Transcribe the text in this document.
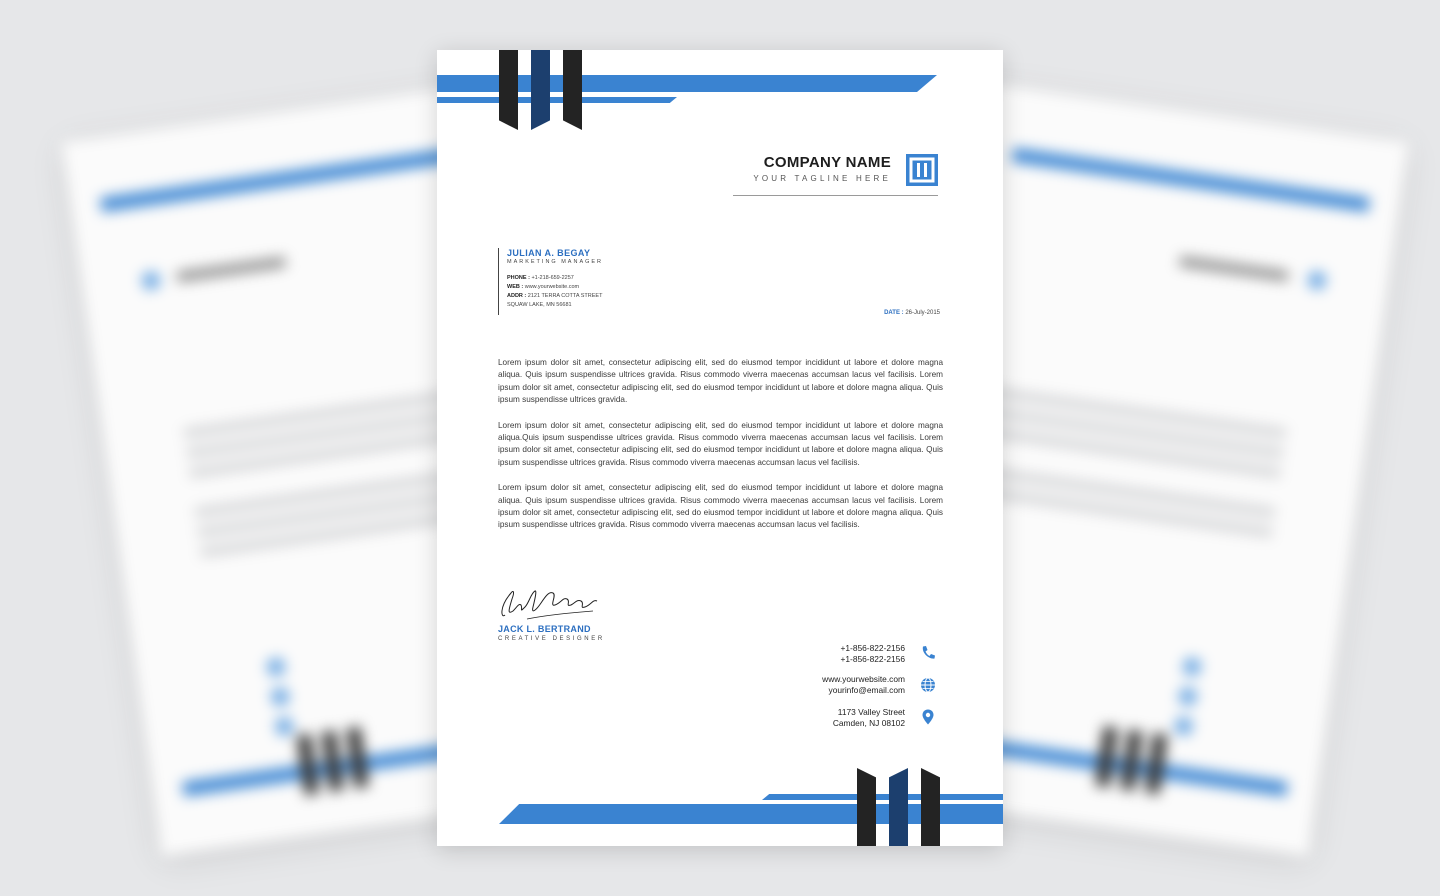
COMPANY NAME
YOUR TAGLINE HERE
JULIAN A. BEGAY
MARKETING MANAGER
PHONE : +1-218-659-2257
WEB : www.yourwebsite.com
ADDR : 2121 TERRA COTTA STREET
SQUAW LAKE, MN 56681
DATE : 26-July-2015

Lorem ipsum dolor sit amet, consectetur adipiscing elit, sed do eiusmod tempor incididunt ut labore et dolore magna aliqua. Quis ipsum suspendisse ultrices gravida. Risus commodo viverra maecenas accumsan lacus vel facilisis. Lorem ipsum dolor sit amet, consectetur adipiscing elit, sed do eiusmod tempor incididunt ut labore et dolore magna aliqua. Quis ipsum suspendisse ultrices gravida.

Lorem ipsum dolor sit amet, consectetur adipiscing elit, sed do eiusmod tempor incididunt ut labore et dolore magna aliqua.Quis ipsum suspendisse ultrices gravida. Risus commodo viverra maecenas accumsan lacus vel facilisis. Lorem ipsum dolor sit amet, consectetur adipiscing elit, sed do eiusmod tempor incididunt ut labore et dolore magna aliqua. Quis ipsum suspendisse ultrices gravida. Risus commodo viverra maecenas accumsan lacus vel facilisis.

Lorem ipsum dolor sit amet, consectetur adipiscing elit, sed do eiusmod tempor incididunt ut labore et dolore magna aliqua. Quis ipsum suspendisse ultrices gravida. Risus commodo viverra maecenas accumsan lacus vel facilisis. Lorem ipsum dolor sit amet, consectetur adipiscing elit, sed do eiusmod tempor incididunt ut labore et dolore magna aliqua. Quis ipsum suspendisse ultrices gravida. Risus commodo viverra maecenas accumsan lacus vel facilisis.

JACK L. BERTRAND
CREATIVE DESIGNER
+1-856-822-2156
+1-856-822-2156
www.yourwebsite.com
yourinfo@email.com
1173 Valley Street
Camden, NJ 08102
